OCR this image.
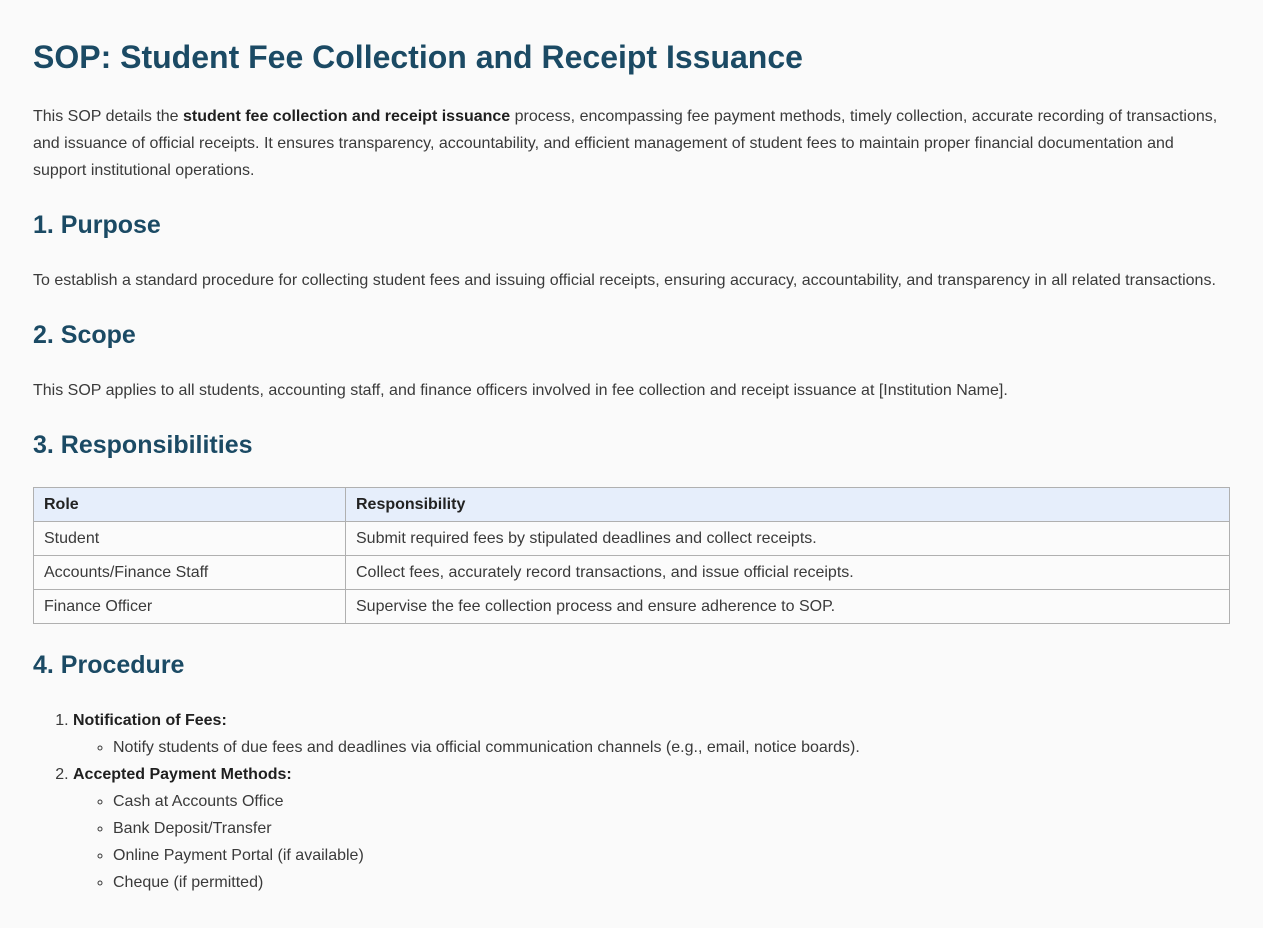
SOP: Student Fee Collection and Receipt Issuance

This SOP details the student fee collection and receipt issuance process, encompassing fee payment methods, timely collection, accurate recording of transactions, and issuance of official receipts. It ensures transparency, accountability, and efficient management of student fees to maintain proper financial documentation and support institutional operations.

1. Purpose

To establish a standard procedure for collecting student fees and issuing official receipts, ensuring accuracy, accountability, and transparency in all related transactions.

2. Scope

This SOP applies to all students, accounting staff, and finance officers involved in fee collection and receipt issuance at [Institution Name].

3. Responsibilities
Role	Responsibility
Student	Submit required fees by stipulated deadlines and collect receipts.
Accounts/Finance Staff	Collect fees, accurately record transactions, and issue official receipts.
Finance Officer	Supervise the fee collection process and ensure adherence to SOP.
4. Procedure
1. Notification of Fees:
◦ Notify students of due fees and deadlines via official communication channels (e.g., email, notice boards).
2. Accepted Payment Methods:
◦ Cash at Accounts Office
◦ Bank Deposit/Transfer
◦ Online Payment Portal (if available)
◦ Cheque (if permitted)
